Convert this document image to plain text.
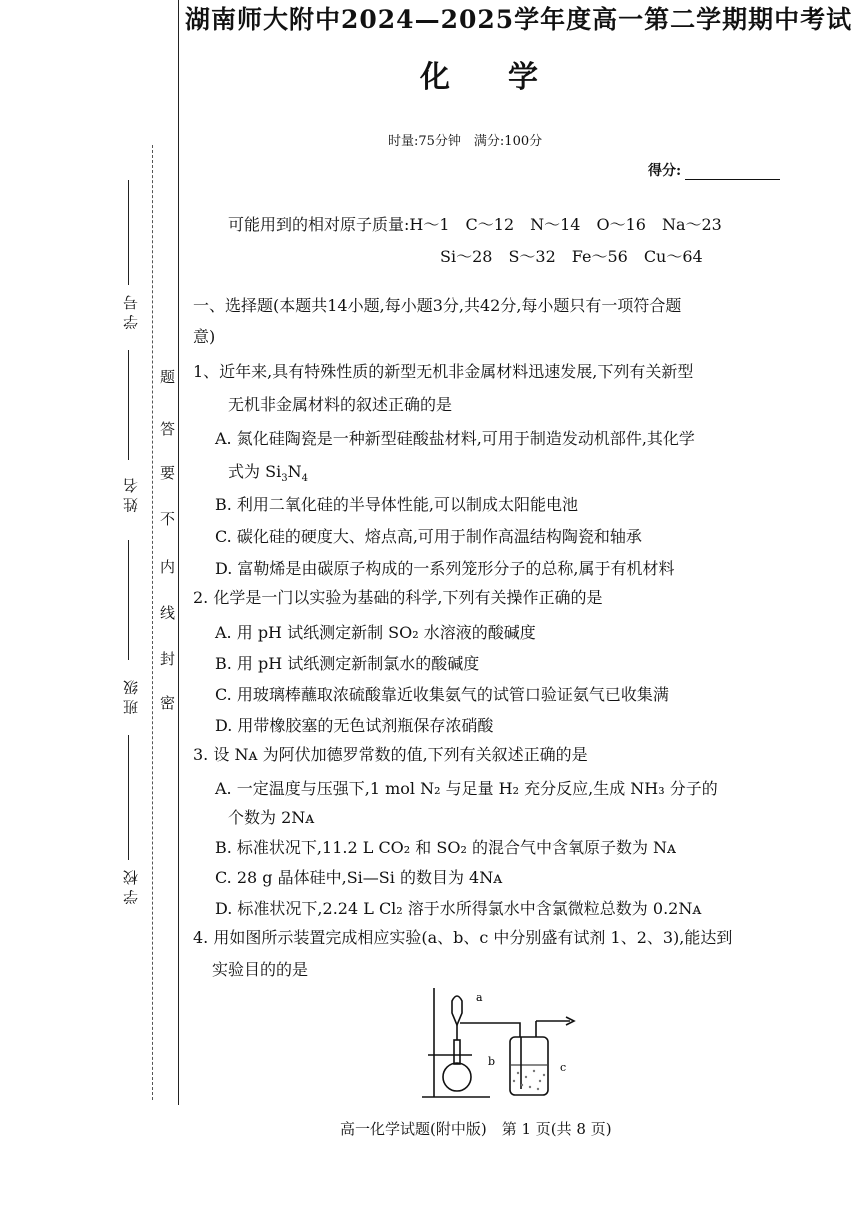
湖南师大附中2024—2025学年度高一第二学期期中考试
化学
时量:75分钟　满分:100分
得分:
可能用到的相对原子质量:H～1　C～12　N～14　O～16　Na～23
Si～28　S～32　Fe～56　Cu～64
学 号
姓 名
班 级
学 校
题
答
要
不
内
线
封
密
一、选择题(本题共14小题,每小题3分,共42分,每小题只有一项符合题
意)
1、近年来,具有特殊性质的新型无机非金属材料迅速发展,下列有关新型
无机非金属材料的叙述正确的是
A. 氮化硅陶瓷是一种新型硅酸盐材料,可用于制造发动机部件,其化学
式为 $Si_3N_4$
B. 利用二氧化硅的半导体性能,可以制成太阳能电池
C. 碳化硅的硬度大、熔点高,可用于制作高温结构陶瓷和轴承
D. 富勒烯是由碳原子构成的一系列笼形分子的总称,属于有机材料
2. 化学是一门以实验为基础的科学,下列有关操作正确的是
A. 用 pH 试纸测定新制 SO₂ 水溶液的酸碱度
B. 用 pH 试纸测定新制氯水的酸碱度
C. 用玻璃棒蘸取浓硫酸靠近收集氨气的试管口验证氨气已收集满
D. 用带橡胶塞的无色试剂瓶保存浓硝酸
3. 设 Nᴀ 为阿伏加德罗常数的值,下列有关叙述正确的是
A. 一定温度与压强下,1 mol N₂ 与足量 H₂ 充分反应,生成 NH₃ 分子的
个数为 2Nᴀ
B. 标准状况下,11.2 L CO₂ 和 SO₂ 的混合气中含氧原子数为 Nᴀ
C. 28 g 晶体硅中,Si—Si 的数目为 4Nᴀ
D. 标准状况下,2.24 L Cl₂ 溶于水所得氯水中含氯微粒总数为 0.2Nᴀ
4. 用如图所示装置完成相应实验(a、b、c 中分别盛有试剂 1、2、3),能达到
实验目的的是
a
b	c
高一化学试题(附中版)　第 1 页(共 8 页)
